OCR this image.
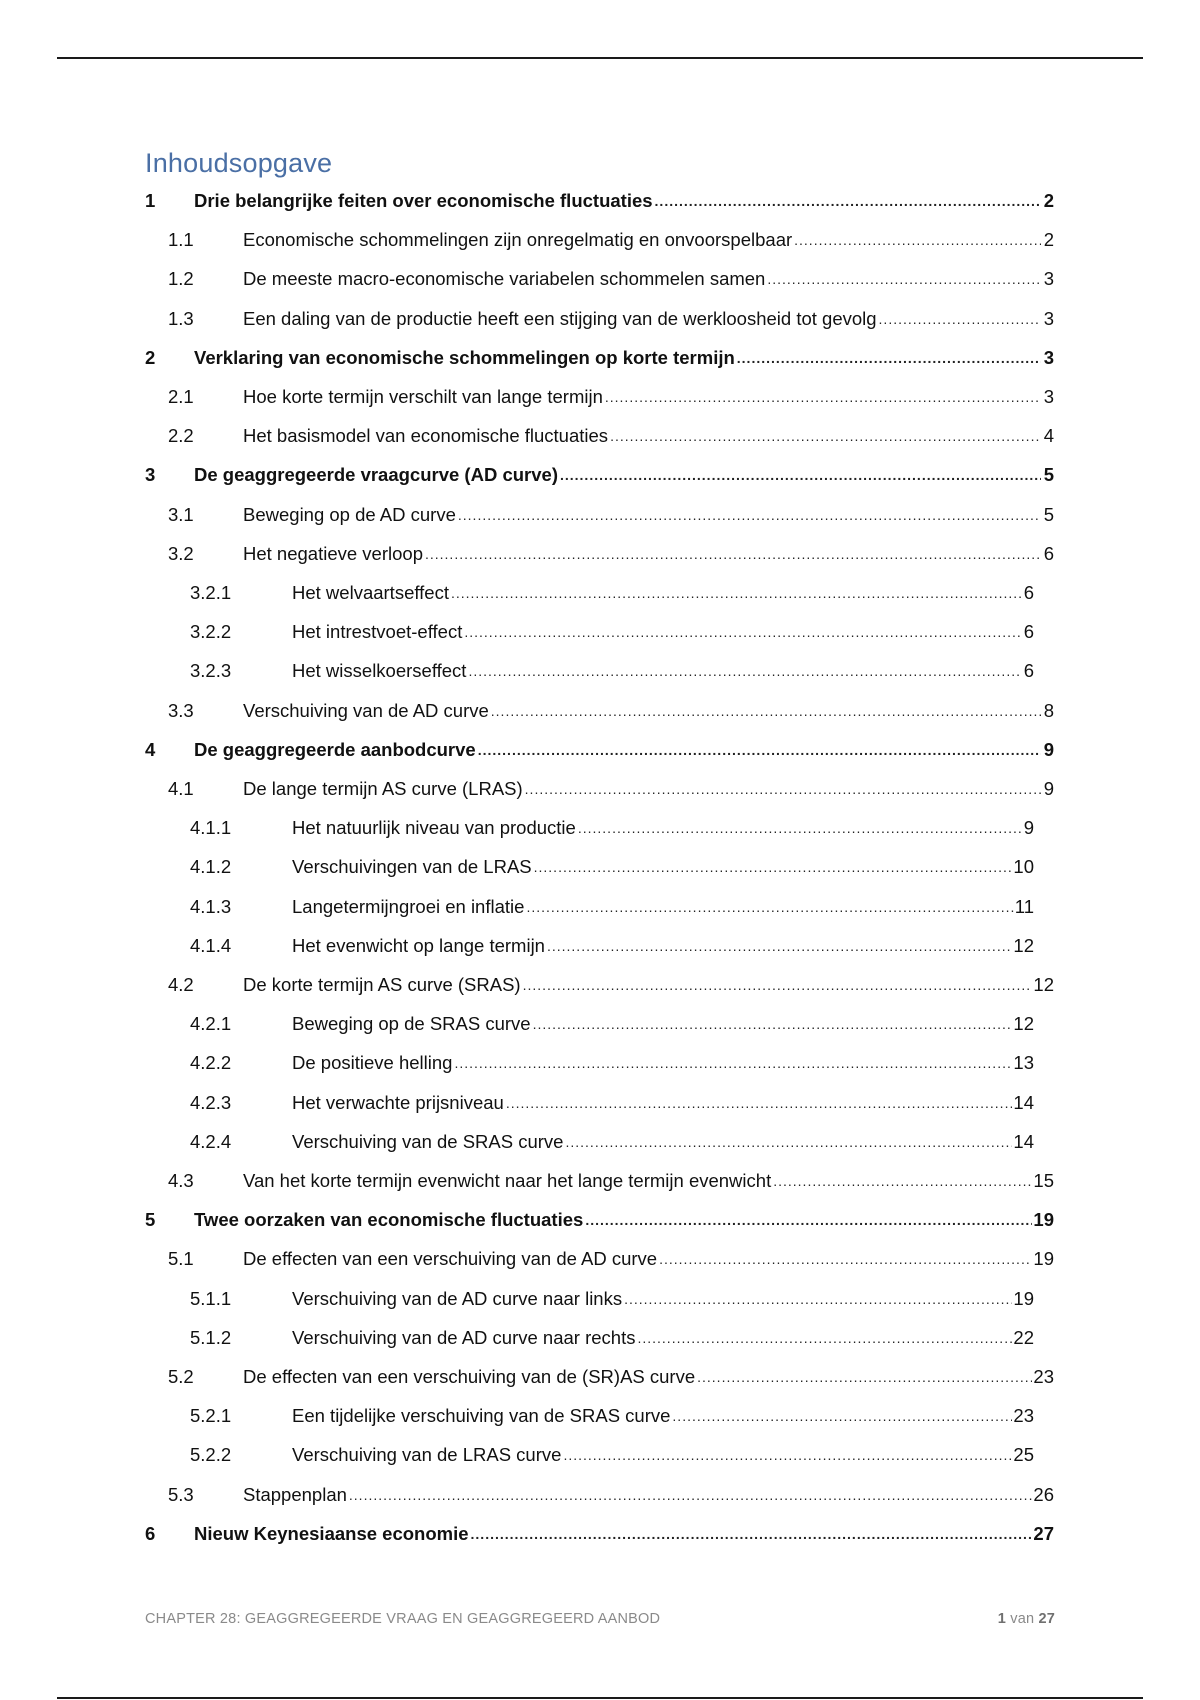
Inhoudsopgave
1 Drie belangrijke feiten over economische fluctuaties .....	2
1.1	Economische schommelingen zijn onregelmatig en onvoorspelbaar .....	2
1.2	De meeste macro-economische variabelen schommelen samen .....	3
1.3	Een daling van de productie heeft een stijging van de werkloosheid tot gevolg .....	3
2 Verklaring van economische schommelingen op korte termijn .....	3
2.1	Hoe korte termijn verschilt van lange termijn .....	3
2.2	Het basismodel van economische fluctuaties .....	4
3 De geaggregeerde vraagcurve (AD curve) .....	5
3.1	Beweging op de AD curve .....	5
3.2	Het negatieve verloop .....	6
3.2.1	Het welvaartseffect .....	6
3.2.2	Het intrestvoet-effect .....	6
3.2.3	Het wisselkoerseffect .....	6
3.3	Verschuiving van de AD curve .....	8
4 De geaggregeerde aanbodcurve .....	9
4.1	De lange termijn AS curve (LRAS) .....	9
4.1.1	Het natuurlijk niveau van productie .....	9
4.1.2	Verschuivingen van de LRAS .....	10
4.1.3	Langetermijngroei en inflatie .....	11
4.1.4	Het evenwicht op lange termijn .....	12
4.2	De korte termijn AS curve (SRAS) .....	12
4.2.1	Beweging op de SRAS curve .....	12
4.2.2	De positieve helling .....	13
4.2.3	Het verwachte prijsniveau .....	14
4.2.4	Verschuiving van de SRAS curve .....	14
4.3	Van het korte termijn evenwicht naar het lange termijn evenwicht .....	15
5 Twee oorzaken van economische fluctuaties .....	19
5.1	De effecten van een verschuiving van de AD curve .....	19
5.1.1	Verschuiving van de AD curve naar links .....	19
5.1.2	Verschuiving van de AD curve naar rechts .....	22
5.2	De effecten van een verschuiving van de (SR)AS curve .....	23
5.2.1	Een tijdelijke verschuiving van de SRAS curve .....	23
5.2.2	Verschuiving van de LRAS curve .....	25
5.3	Stappenplan .....	26
6 Nieuw Keynesiaanse economie .....	27
CHAPTER 28: GEAGGREGEERDE VRAAG EN GEAGGREGEERD AANBOD	1 van 27
